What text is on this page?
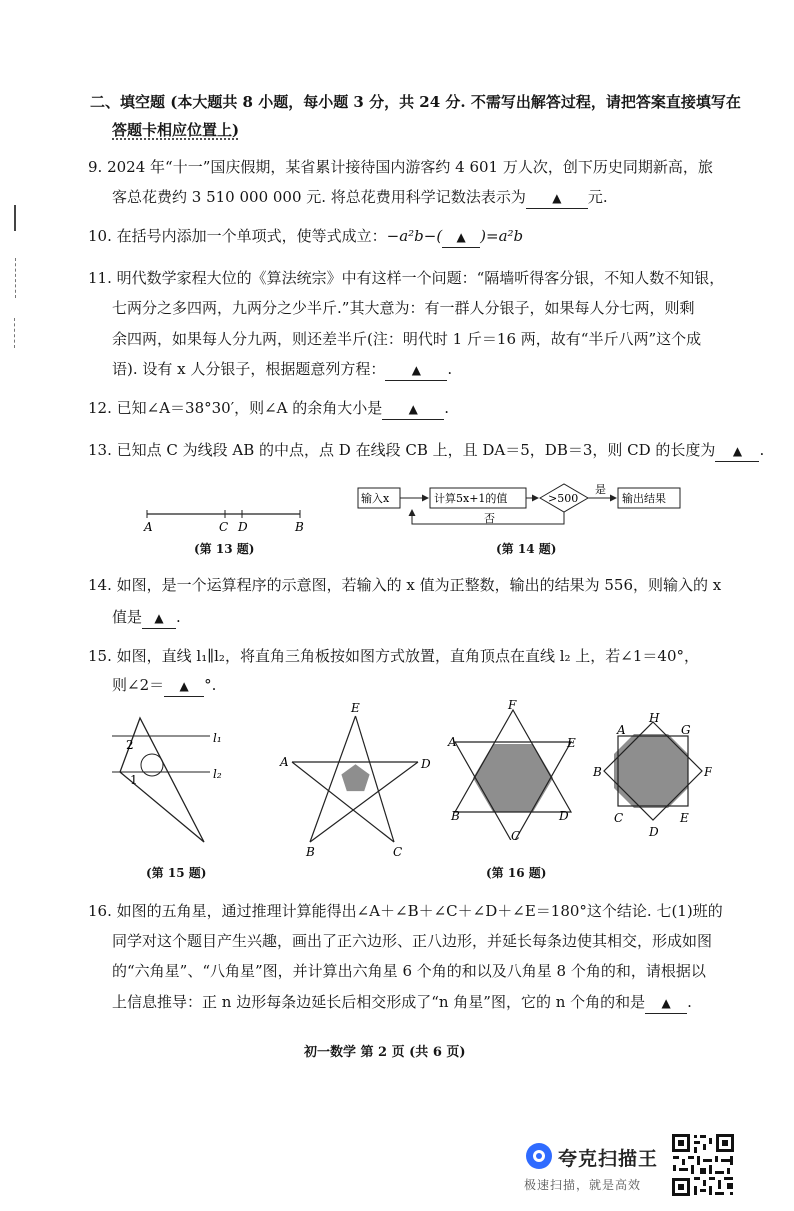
二、填空题 (本大题共 8 小题，每小题 3 分，共 24 分. 不需写出解答过程，请把答案直接填写在
答题卡相应位置上)
9. 2024 年“十一”国庆假期，某省累计接待国内游客约 4 601 万人次，创下历史同期新高，旅
客总花费约 3 510 000 000 元. 将总花费用科学记数法表示为 ▲ 元.
10. 在括号内添加一个单项式，使等式成立：−a²b−( ▲ )=a²b
11. 明代数学家程大位的《算法统宗》中有这样一个问题：“隔墙听得客分银，不知人数不知银，
七两分之多四两，九两分之少半斤.”其大意为：有一群人分银子，如果每人分七两，则剩
余四两，如果每人分九两，则还差半斤(注：明代时 1 斤＝16 两，故有“半斤八两”这个成
语). 设有 x 人分银子，根据题意列方程： ▲ .
12. 已知∠A＝38°30′，则∠A 的余角大小是 ▲ .
13. 已知点 C 为线段 AB 的中点，点 D 在线段 CB 上，且 DA＝5，DB＝3，则 CD 的长度为 ▲ .
A	C D	B
(第 13 题)
输入x	计算5x+1的值	>500
是
输出结果
否
(第 14 题)
14. 如图，是一个运算程序的示意图，若输入的 x 值为正整数，输出的结果为 556，则输入的 x
值是 ▲ .
15. 如图，直线 l₁∥l₂，将直角三角板按如图方式放置，直角顶点在直线 l₂ 上，若∠1＝40°，
则∠2＝ ▲ °.
l₁
l₂
2
1
(第 15 题)
E
A	D
B	C
F
A	E
B	D
C
(第 16 题)
H
A	G
B	F
C
D
E
16. 如图的五角星，通过推理计算能得出∠A＋∠B＋∠C＋∠D＋∠E＝180°这个结论. 七(1)班的
同学对这个题目产生兴趣，画出了正六边形、正八边形，并延长每条边使其相交，形成如图
的“六角星”、“八角星”图，并计算出六角星 6 个角的和以及八角星 8 个角的和，请根据以
上信息推导：正 n 边形每条边延长后相交形成了“n 角星”图，它的 n 个角的和是 ▲ .
初一数学 第 2 页 (共 6 页)
夸克扫描王
极速扫描，就是高效
